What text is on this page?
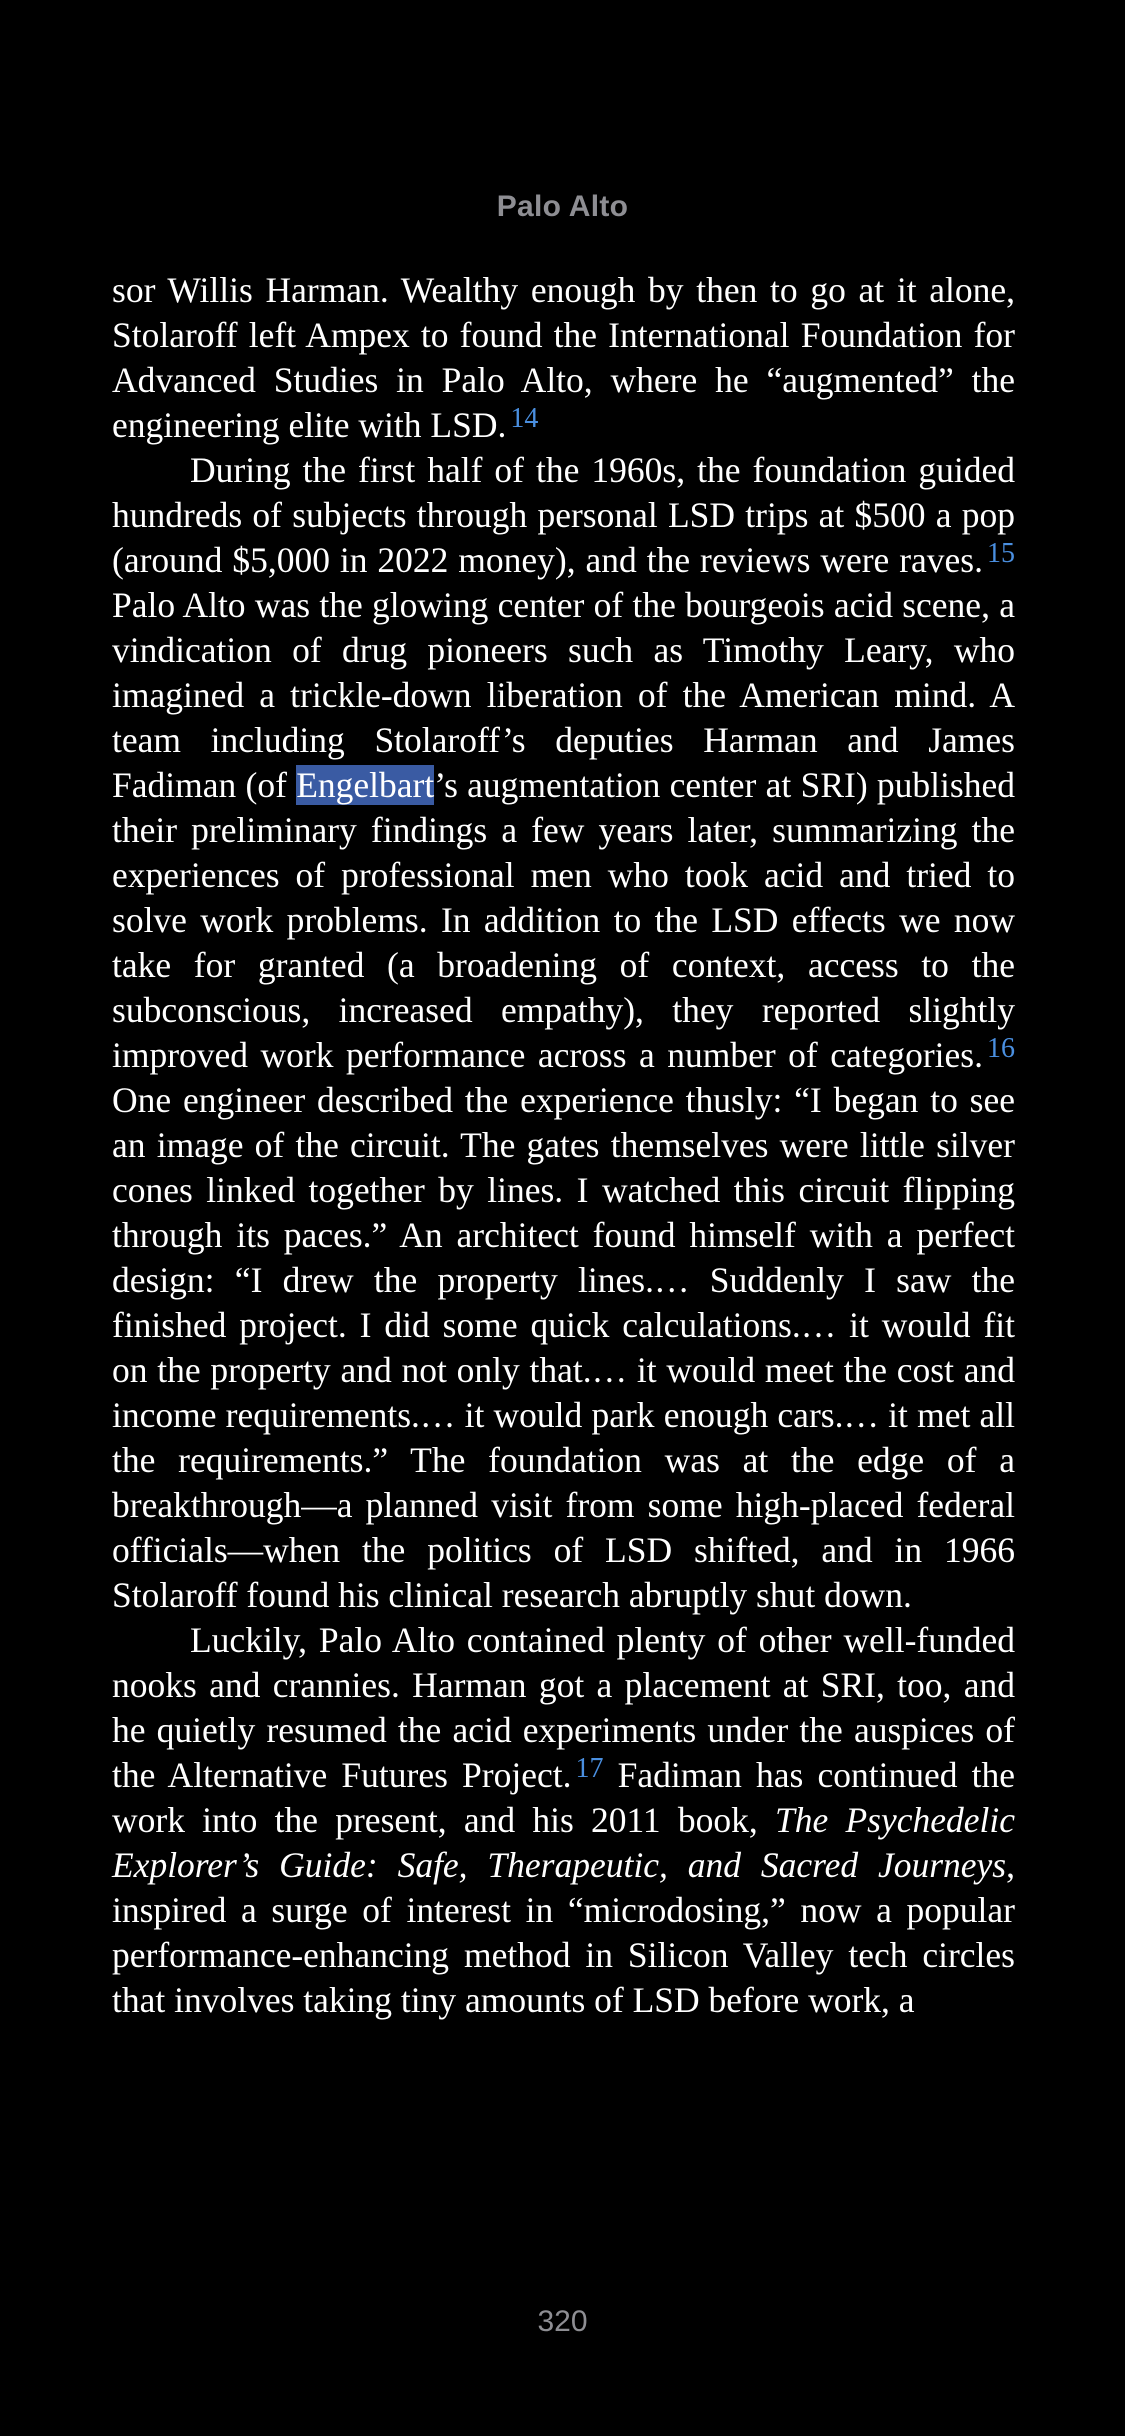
Palo Alto

sor Willis Harman. Wealthy enough by then to go at it alone, Stolaroff left Ampex to found the International Foundation for Advanced Studies in Palo Alto, where he “augmented” the engineering elite with LSD. $^{14}$

During the first half of the 1960s, the foundation guided hundreds of subjects through personal LSD trips at $500 a pop (around $5,000 in 2022 money), and the reviews were raves. $^{15}$ Palo Alto was the glowing center of the bourgeois acid scene, a vindication of drug pioneers such as Timothy Leary, who imagined a trickle-down liberation of the American mind. A team including Stolaroff’s deputies Harman and James Fadiman (of Engelbart’s augmentation center at SRI) published their preliminary findings a few years later, summarizing the experiences of professional men who took acid and tried to solve work problems. In addition to the LSD effects we now take for granted (a broadening of context, access to the subconscious, increased empathy), they reported slightly improved work performance across a number of categories. $^{16}$ One engineer described the experience thusly: “I began to see an image of the circuit. The gates themselves were little silver cones linked together by lines. I watched this circuit flipping through its paces.” An architect found himself with a perfect design: “I drew the property lines.… Suddenly I saw the finished project. I did some quick calculations.… it would fit on the property and not only that.… it would meet the cost and income requirements.… it would park enough cars.… it met all the requirements.” The foundation was at the edge of a breakthrough—a planned visit from some high-placed federal officials—when the politics of LSD shifted, and in 1966 Stolaroff found his clinical research abruptly shut down.

Luckily, Palo Alto contained plenty of other well-funded nooks and crannies. Harman got a placement at SRI, too, and he quietly resumed the acid experiments under the auspices of the Alternative Futures Project. $^{17}$ Fadiman has continued the work into the present, and his 2011 book, The Psychedelic Explorer’s Guide: Safe, Therapeutic, and Sacred Journeys, inspired a surge of interest in “microdosing,” now a popular performance-enhancing method in Silicon Valley tech circles that involves taking tiny amounts of LSD before work, a

320
